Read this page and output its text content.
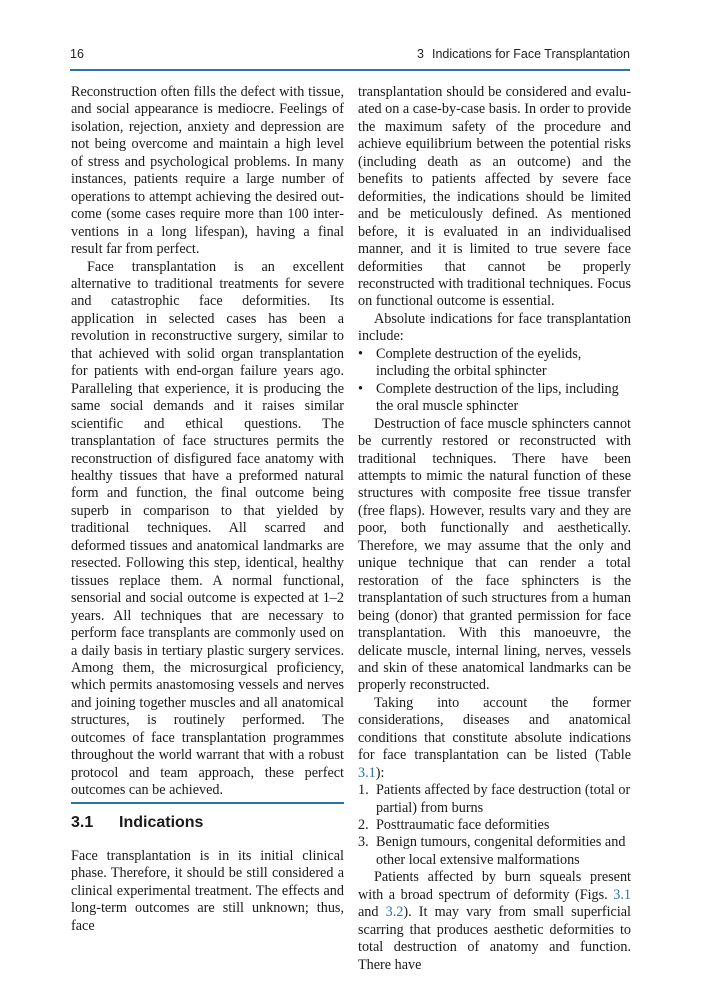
16	3 Indications for Face Transplantation

Reconstruction often fills the defect with tissue, and social appearance is mediocre. Feelings of isolation, rejection, anxiety and depression are not being overcome and maintain a high level of stress and psychological problems. In many instances, patients require a large number of operations to attempt achieving the desired outcome (some cases require more than 100 interventions in a long lifespan), having a final result far from perfect.

Face transplantation is an excellent alternative to traditional treatments for severe and catastrophic face deformities. Its application in selected cases has been a revolution in reconstructive surgery, similar to that achieved with solid organ transplantation for patients with end-organ failure years ago. Paralleling that experience, it is producing the same social demands and it raises similar scientific and ethical questions. The transplantation of face structures permits the reconstruction of disfigured face anatomy with healthy tissues that have a preformed natural form and function, the final outcome being superb in comparison to that yielded by traditional techniques. All scarred and deformed tissues and anatomical landmarks are resected. Following this step, identical, healthy tissues replace them. A normal functional, sensorial and social outcome is expected at 1–2 years. All techniques that are necessary to perform face transplants are commonly used on a daily basis in tertiary plastic surgery services. Among them, the microsurgical proficiency, which permits anastomosing vessels and nerves and joining together muscles and all anatomical structures, is routinely performed. The outcomes of face transplantation programmes throughout the world warrant that with a robust protocol and team approach, these perfect outcomes can be achieved.

3.1 Indications

Face transplantation is in its initial clinical phase. Therefore, it should be still considered a clinical experimental treatment. The effects and long-term outcomes are still unknown; thus, face

transplantation should be considered and evaluated on a case-by-case basis. In order to provide the maximum safety of the procedure and achieve equilibrium between the potential risks (including death as an outcome) and the benefits to patients affected by severe face deformities, the indications should be limited and be meticulously defined. As mentioned before, it is evaluated in an individualised manner, and it is limited to true severe face deformities that cannot be properly reconstructed with traditional techniques. Focus on functional outcome is essential.

Absolute indications for face transplantation include:

• Complete destruction of the eyelids, including the orbital sphincter
• Complete destruction of the lips, including the oral muscle sphincter

Destruction of face muscle sphincters cannot be currently restored or reconstructed with traditional techniques. There have been attempts to mimic the natural function of these structures with composite free tissue transfer (free flaps). However, results vary and they are poor, both functionally and aesthetically. Therefore, we may assume that the only and unique technique that can render a total restoration of the face sphincters is the transplantation of such structures from a human being (donor) that granted permission for face transplantation. With this manoeuvre, the delicate muscle, internal lining, nerves, vessels and skin of these anatomical landmarks can be properly reconstructed.

Taking into account the former considerations, diseases and anatomical conditions that constitute absolute indications for face transplantation can be listed (Table 3.1):

1. Patients affected by face destruction (total or partial) from burns
2. Posttraumatic face deformities
3. Benign tumours, congenital deformities and other local extensive malformations

Patients affected by burn squeals present with a broad spectrum of deformity (Figs. 3.1 and 3.2). It may vary from small superficial scarring that produces aesthetic deformities to total destruction of anatomy and function. There have
